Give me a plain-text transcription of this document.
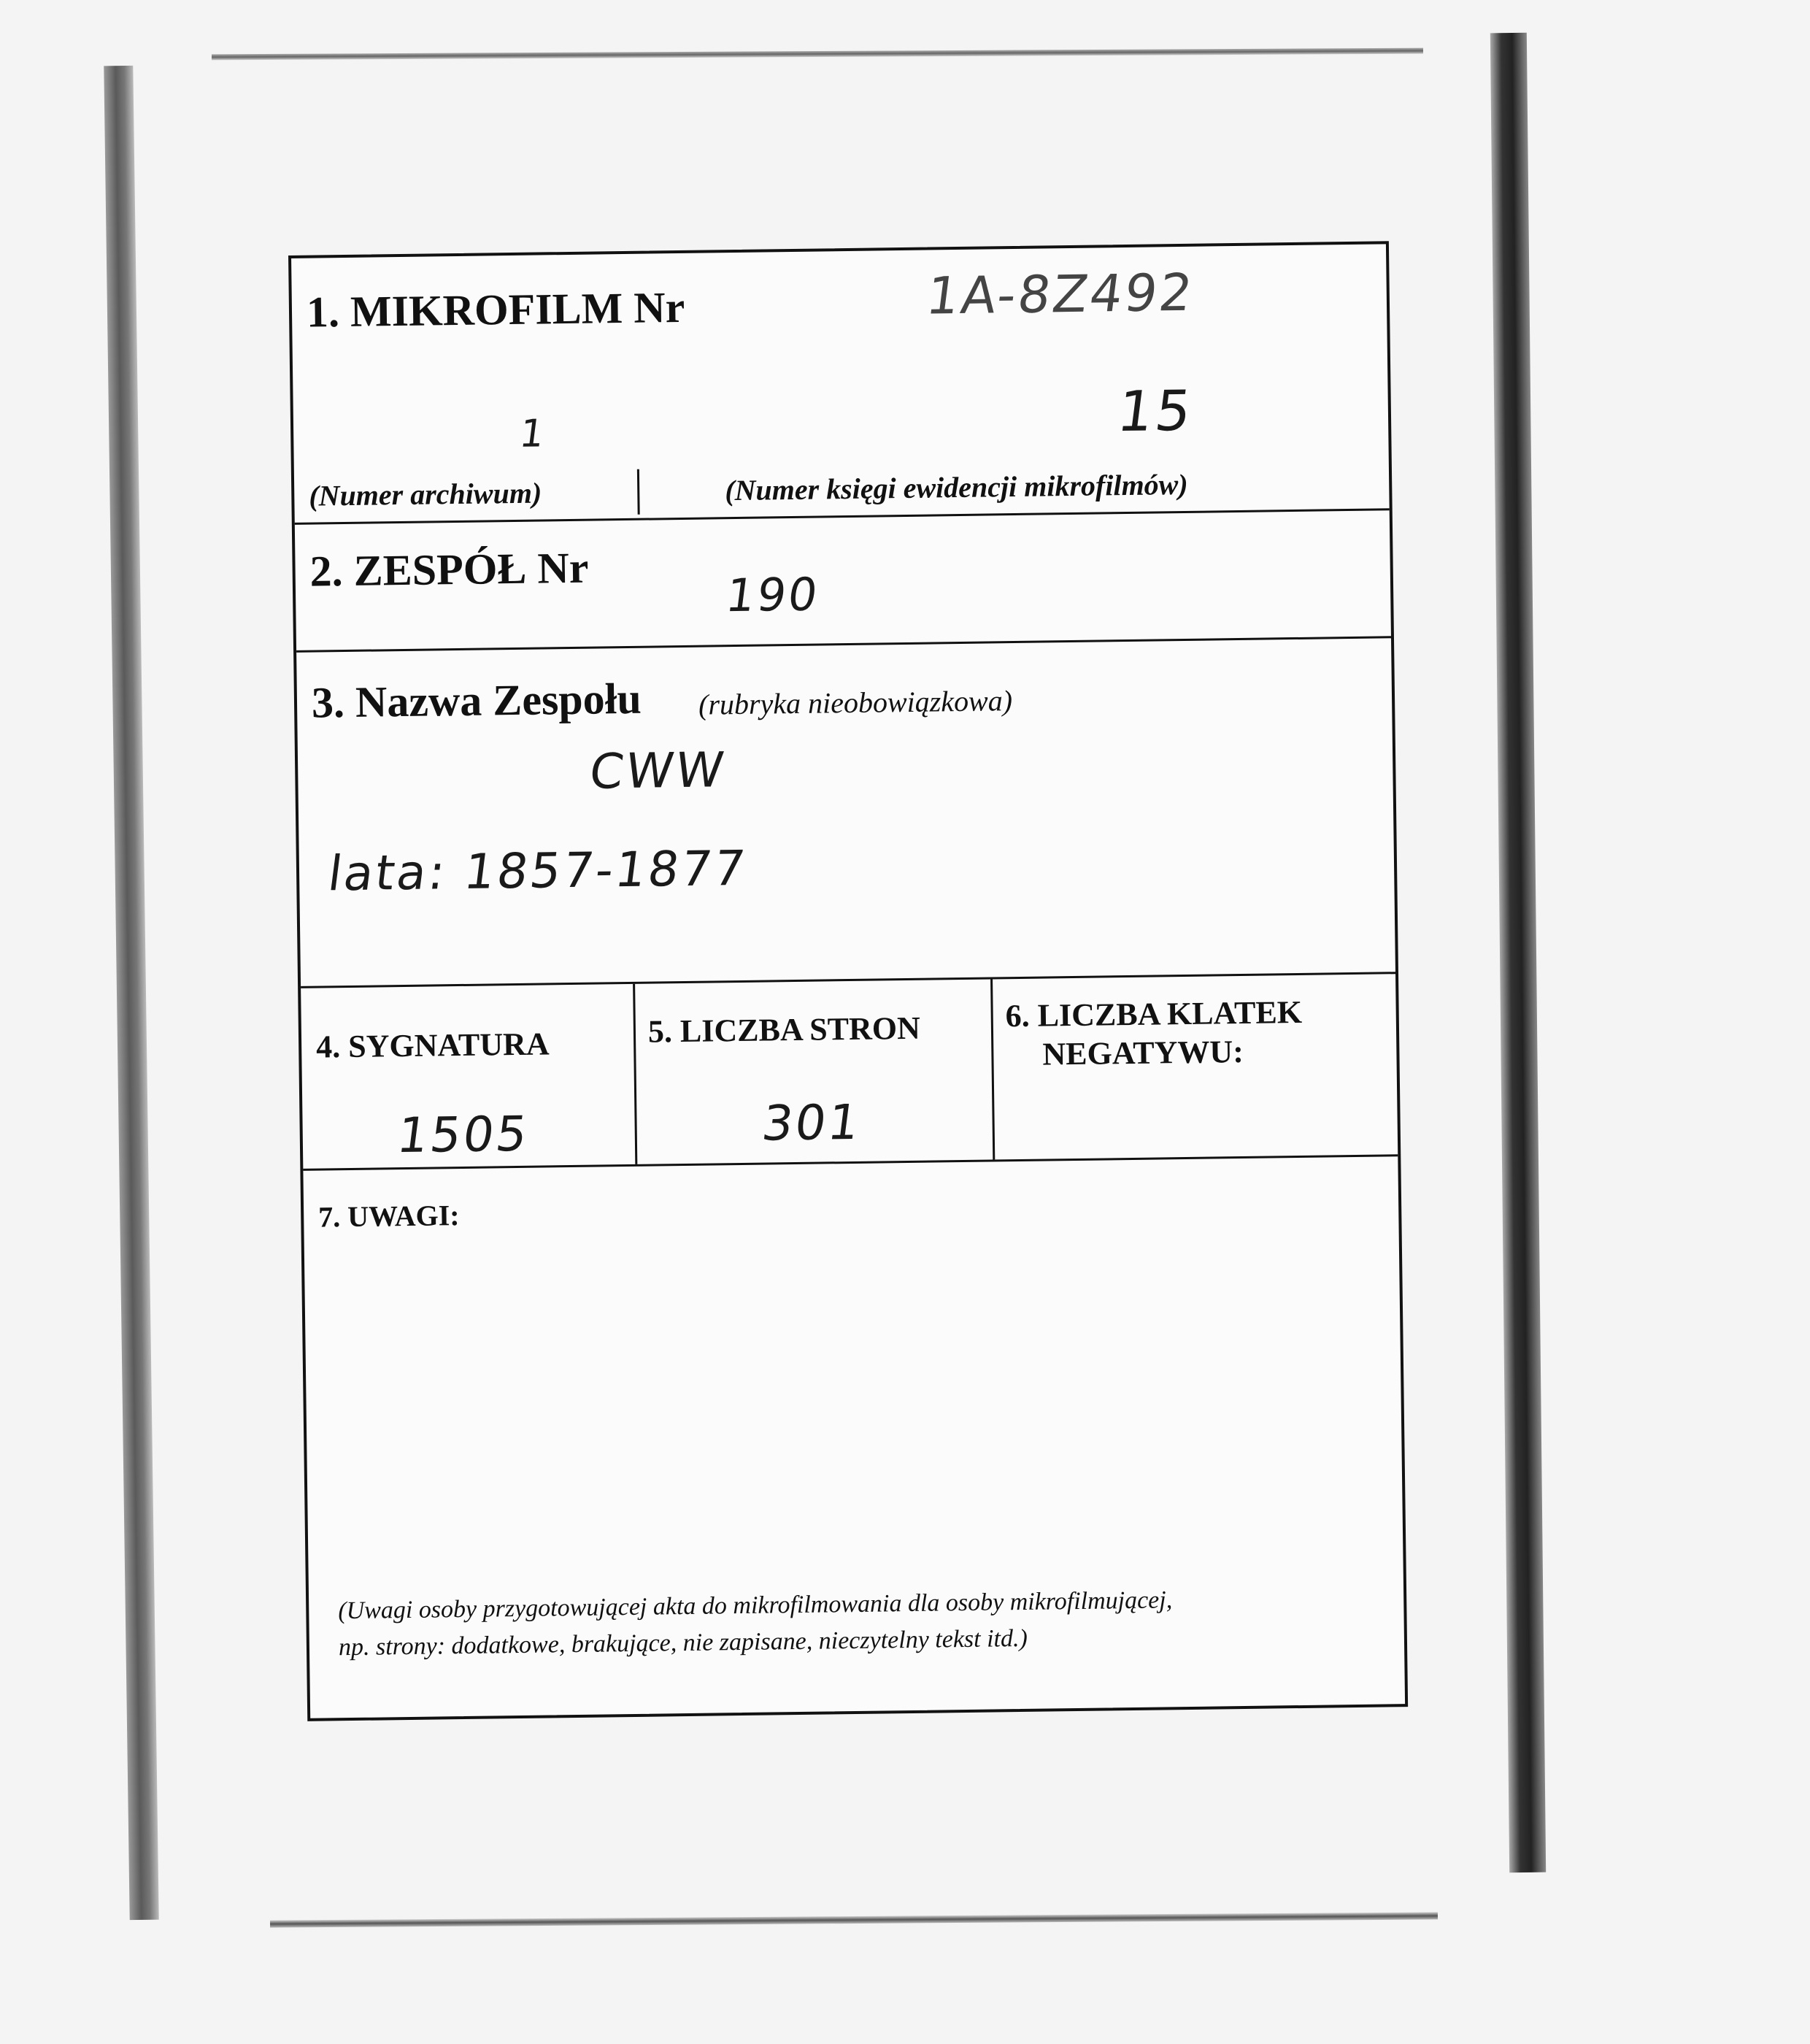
1. MIKROFILM Nr	1A-8Z492
1	15
(Numer archiwum)	(Numer księgi ewidencji mikrofilmów)
2. ZESPÓŁ Nr	190
3. Nazwa Zespołu (rubryka nieobowiązkowa)
CWW
lata: 1857-1877
4. SYGNATURA
1505
5. LICZBA STRON
301
6. LICZBA KLATEK
NEGATYWU:
7. UWAGI:
(Uwagi osoby przygotowującej akta do mikrofilmowania dla osoby mikrofilmującej,
np. strony: dodatkowe, brakujące, nie zapisane, nieczytelny tekst itd.)
